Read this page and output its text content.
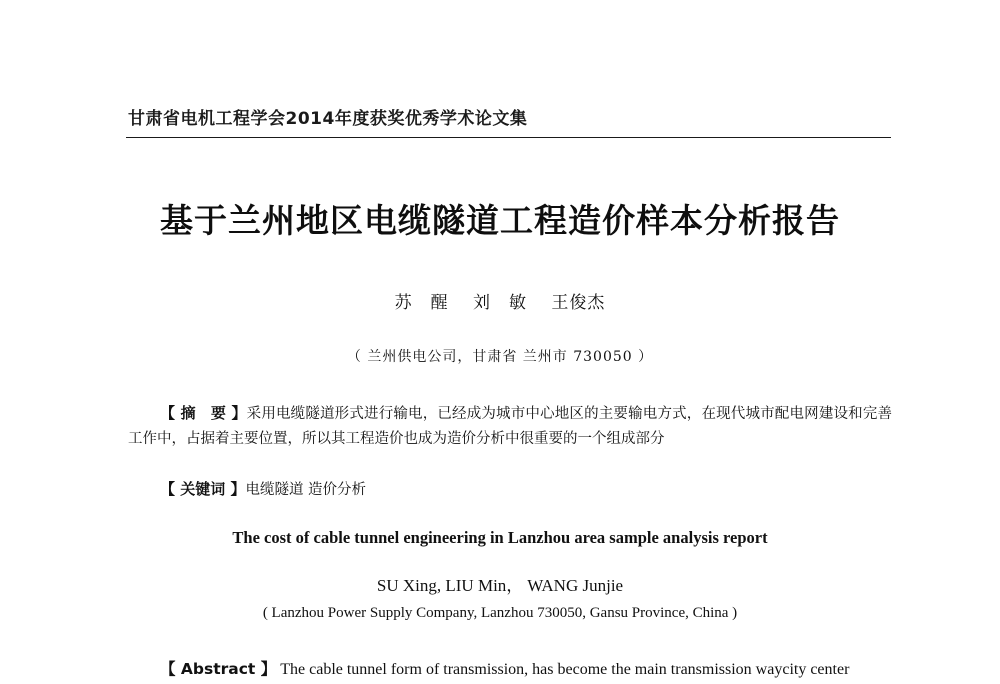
甘肃省电机工程学会2014年度获奖优秀学术论文集
基于兰州地区电缆隧道工程造价样本分析报告
苏　醒 刘　敏 王俊杰
（ 兰州供电公司，甘肃省 兰州市 730050 ）
【 摘　要 】采用电缆隧道形式进行输电，已经成为城市中心地区的主要输电方式，在现代城市配电网建设和完善工作中，占据着主要位置，所以其工程造价也成为造价分析中很重要的一个组成部分
【 关键词 】电缆隧道 造价分析
The cost of cable tunnel engineering in Lanzhou area sample analysis report
SU Xing, LIU Min， WANG Junjie
( Lanzhou Power Supply Company, Lanzhou 730050, Gansu Province, China )
【 Abstract 】 The cable tunnel form of transmission, has become the main transmission waycity center
